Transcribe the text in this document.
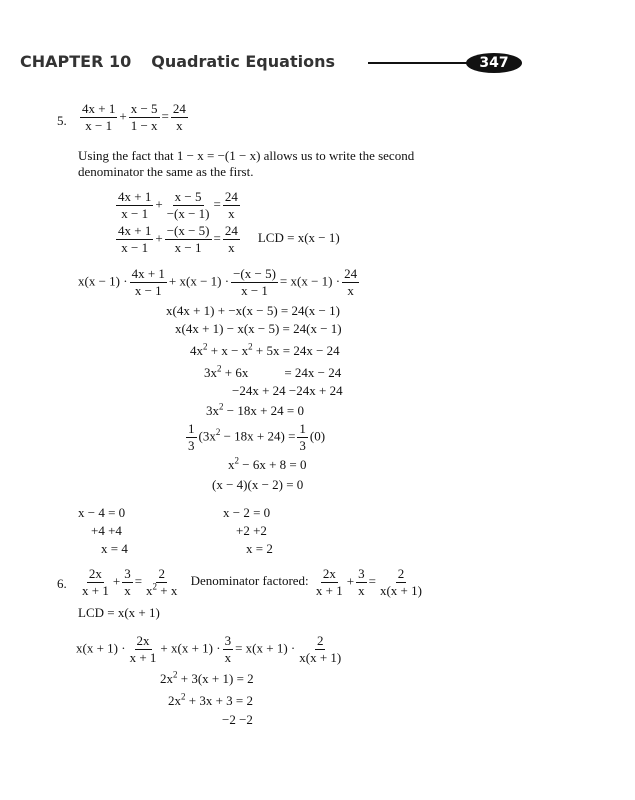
CHAPTER 10 Quadratic Equations	347
5. $\frac{4x + 1}{x - 1} + \frac{x - 5}{1 - x} = \frac{24}{x}$
Using the fact that 1 − x = −(1 − x) allows us to write the second
denominator the same as the first.
$\frac{4x + 1}{x - 1} + \frac{x - 5}{-(x - 1)} = \frac{24}{x}$
$\frac{4x + 1}{x - 1} + \frac{-(x - 5)}{x - 1} = \frac{24}{x}$ LCD = x(x − 1)
$x(x - 1) \cdot \frac{4x + 1}{x - 1} + x(x - 1) \cdot \frac{-(x - 5)}{x - 1} = x(x - 1) \cdot \frac{24}{x}$
x(4x + 1) + −x(x − 5) = 24(x − 1)
x(4x + 1) − x(x − 5) = 24(x − 1)
$4x^2 + x - x^2 + 5x = 24x - 24$
$3x^2 + 6x$	= 24x − 24
−24x + 24 −24x + 24
$3x^2 - 18x + 24 = 0$
$\frac{1}{3} (3x^2 - 18x + 24) = \frac{1}{3} (0)$
$x^2 - 6x + 8 = 0$
(x − 4)(x − 2) = 0
x − 4 = 0
+4 +4
x = 4
x − 2 = 0
+2 +2
x = 2
6. $\frac{2x}{x + 1} + \frac{3}{x} = \frac{2}{x^2 + x}$ Denominator factored: $\frac{2x}{x + 1} + \frac{3}{x} = \frac{2}{x(x + 1)}$
LCD = x(x + 1)
$x(x + 1) \cdot \frac{2x}{x + 1} + x(x + 1) \cdot \frac{3}{x} = x(x + 1) \cdot \frac{2}{x(x + 1)}$
$2x^2 + 3(x + 1) = 2$
$2x^2 + 3x + 3 = 2$
−2 −2
